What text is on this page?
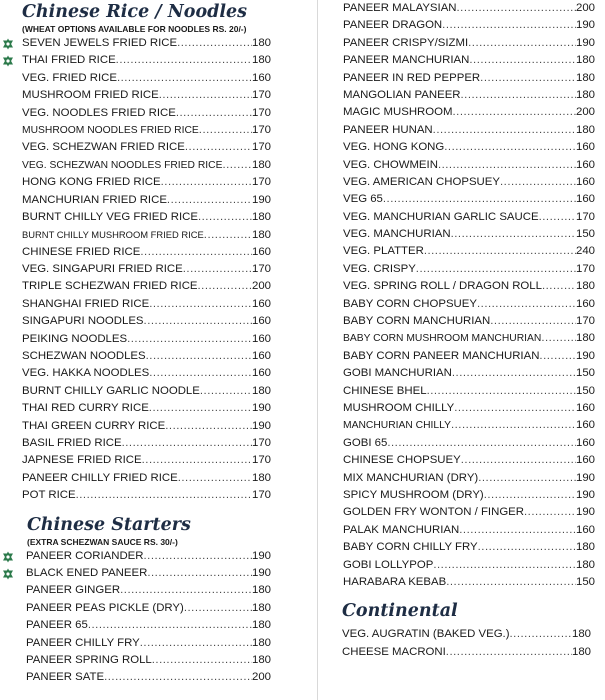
Chinese Rice / Noodles

(WHEAT OPTIONS AVAILABLE FOR NOODLES RS. 20/-)

SEVEN JEWELS FRIED RICE .....	180
THAI FRIED RICE .....	180
VEG. FRIED RICE .....	160
MUSHROOM FRIED RICE .....	170
VEG. NOODLES FRIED RICE .....	170
MUSHROOM NOODLES FRIED RICE .....	170
VEG. SCHEZWAN FRIED RICE .....	170
VEG. SCHEZWAN NOODLES FRIED RICE .....	180
HONG KONG FRIED RICE .....	170
MANCHURIAN FRIED RICE .....	190
BURNT CHILLY VEG FRIED RICE .....	180
BURNT CHILLY MUSHROOM FRIED RICE .....	180
CHINESE FRIED RICE .....	160
VEG. SINGAPURI FRIED RICE .....	170
TRIPLE SCHEZWAN FRIED RICE .....	200
SHANGHAI FRIED RICE .....	160
SINGAPURI NOODLES .....	160
PEIKING NOODLES .....	160
SCHEZWAN NOODLES .....	160
VEG. HAKKA NOODLES .....	160
BURNT CHILLY GARLIC NOODLE .....	180
THAI RED CURRY RICE .....	190
THAI GREEN CURRY RICE .....	190
BASIL FRIED RICE .....	170
JAPNESE FRIED RICE .....	170
PANEER CHILLY FRIED RICE .....	180
POT RICE .....	170
Chinese Starters

(EXTRA SCHEZWAN SAUCE RS. 30/-)

PANEER CORIANDER .....	190
BLACK ENED PANEER .....	190
PANEER GINGER .....	180
PANEER PEAS PICKLE (DRY) .....	180
PANEER 65 .....	180
PANEER CHILLY FRY .....	180
PANEER SPRING ROLL .....	180
PANEER SATE .....	200
PANEER MALAYSIAN .....	200
PANEER DRAGON .....	190
PANEER CRISPY/SIZMI .....	190
PANEER MANCHURIAN .....	180
PANEER IN RED PEPPER .....	180
MANGOLIAN PANEER .....	180
MAGIC MUSHROOM .....	200
PANEER HUNAN .....	180
VEG. HONG KONG .....	160
VEG. CHOWMEIN .....	160
VEG. AMERICAN CHOPSUEY .....	160
VEG 65 .....	160
VEG. MANCHURIAN GARLIC SAUCE .....	170
VEG. MANCHURIAN .....	150
VEG. PLATTER .....	240
VEG. CRISPY .....	170
VEG. SPRING ROLL / DRAGON ROLL .....	180
BABY CORN CHOPSUEY .....	160
BABY CORN MANCHURIAN .....	170
BABY CORN MUSHROOM MANCHURIAN .....	180
BABY CORN PANEER MANCHURIAN .....	190
GOBI MANCHURIAN .....	150
CHINESE BHEL .....	150
MUSHROOM CHILLY .....	160
MANCHURIAN CHILLY .....	160
GOBI 65 .....	160
CHINESE CHOPSUEY .....	160
MIX MANCHURIAN (DRY) .....	190
SPICY MUSHROOM (DRY) .....	190
GOLDEN FRY WONTON / FINGER .....	190
PALAK MANCHURIAN .....	160
BABY CORN CHILLY FRY .....	180
GOBI LOLLYPOP .....	180
HARABARA KEBAB .....	150
Continental
VEG. AUGRATIN (BAKED VEG.) .....	180
CHEESE MACRONI .....	180
